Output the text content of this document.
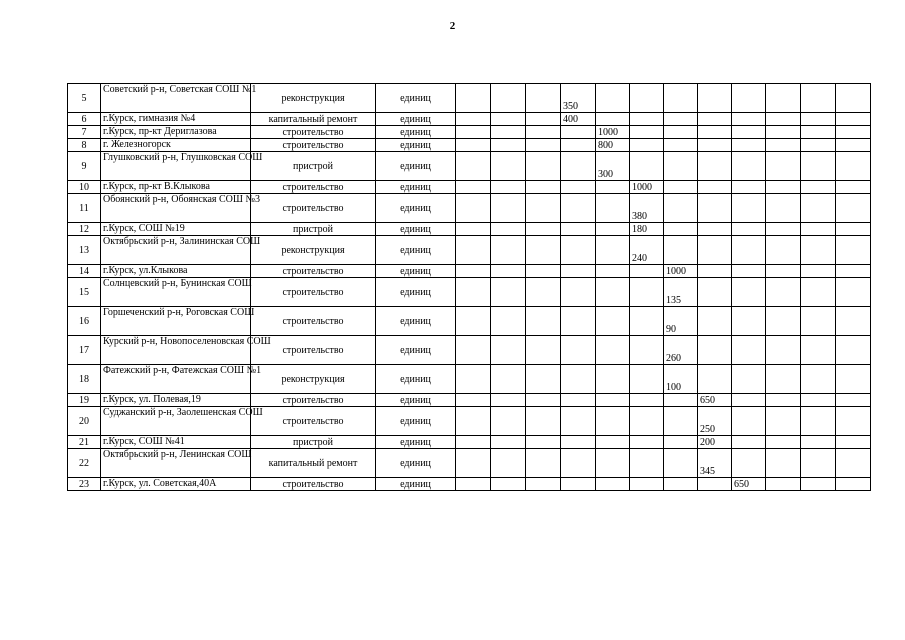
2
5	Советский р-н, Советская СОШ №1	реконструкция	единиц				350								
6	г.Курск, гимназия №4	капитальный ремонт	единиц				400								
7	г.Курск, пр-кт Дериглазова	строительство	единиц					1000							
8	г. Железногорск	строительство	единиц					800							
9	Глушковский р-н, Глушковская СОШ	пристрой	единиц					300							
10	г.Курск, пр-кт В.Клыкова	строительство	единиц						1000						
11	Обоянский р-н, Обоянская СОШ №3	строительство	единиц						380						
12	г.Курск, СОШ №19	пристрой	единиц						180						
13	Октябрьский р-н, Залининская СОШ	реконструкция	единиц						240						
14	г.Курск, ул.Клыкова	строительство	единиц							1000					
15	Солнцевский р-н, Бунинская СОШ	строительство	единиц							135					
16	Горшеченский р-н, Роговская СОШ	строительство	единиц							90					
17	Курский р-н, Новопоселеновская СОШ	строительство	единиц							260					
18	Фатежский р-н, Фатежская СОШ №1	реконструкция	единиц							100					
19	г.Курск, ул. Полевая,19	строительство	единиц								650				
20	Суджанский р-н, Заолешенская СОШ	строительство	единиц								250				
21	г.Курск, СОШ №41	пристрой	единиц								200				
22	Октябрьский р-н, Ленинская СОШ	капитальный ремонт	единиц								345				
23	г.Курск, ул. Советская,40А	строительство	единиц									650			
